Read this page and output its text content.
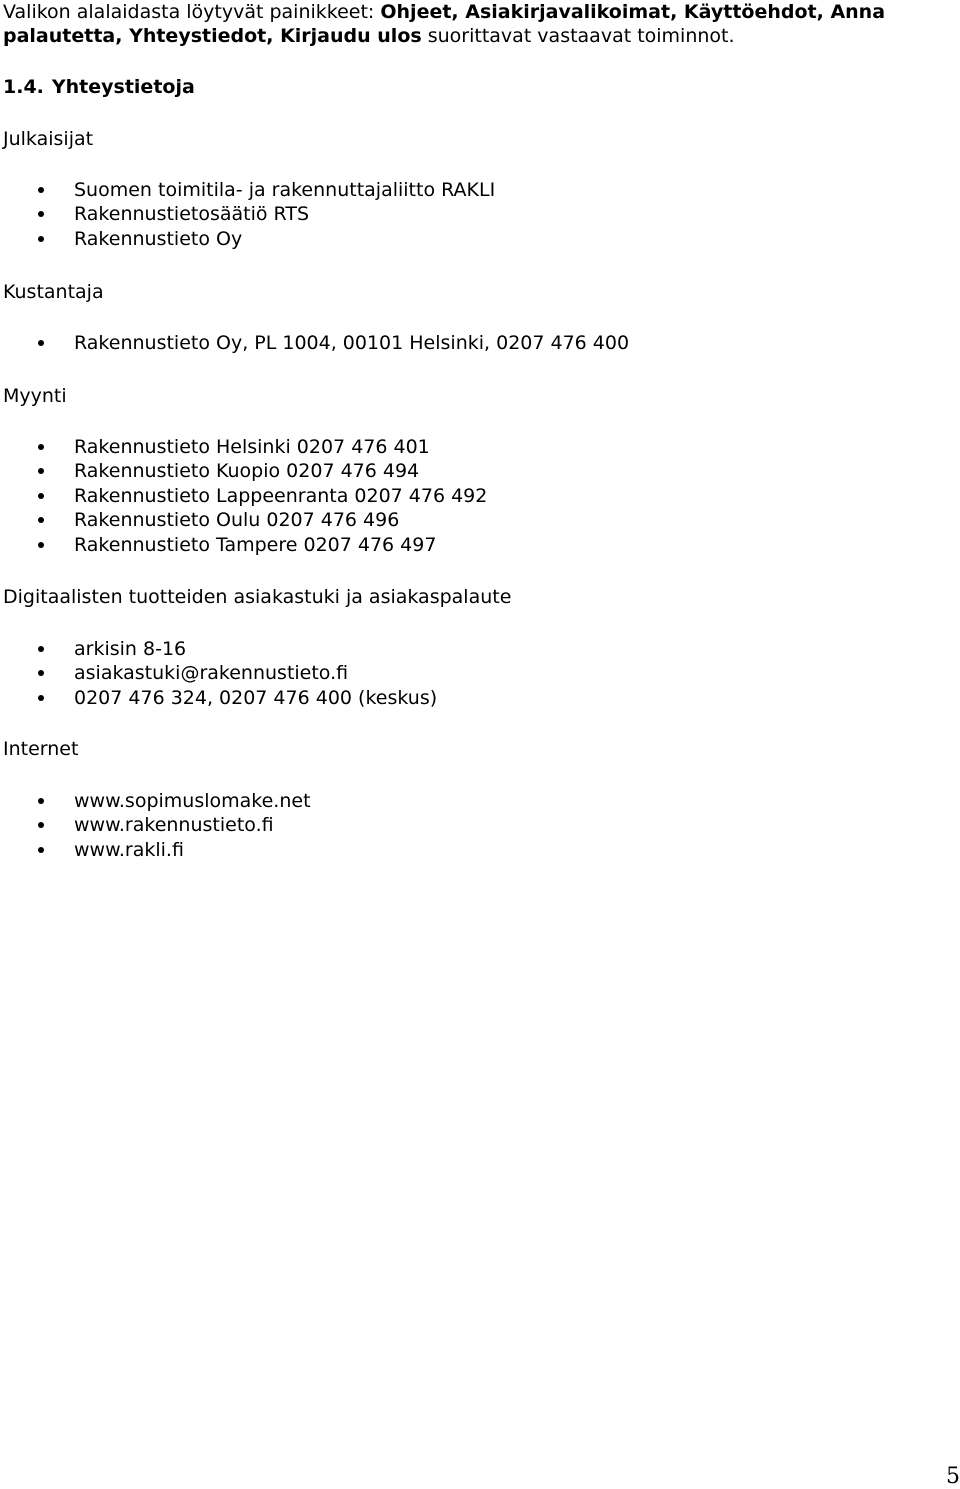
Valikon alalaidasta löytyvät painikkeet: Ohjeet, Asiakirjavalikoimat, Käyttöehdot, Anna palautetta, Yhteystiedot, Kirjaudu ulos suorittavat vastaavat toiminnot.

1.4. Yhteystietoja

Julkaisijat

Suomen toimitila- ja rakennuttajaliitto RAKLI
Rakennustietosäätiö RTS
Rakennustieto Oy

Kustantaja

Rakennustieto Oy, PL 1004, 00101 Helsinki, 0207 476 400

Myynti

Rakennustieto Helsinki 0207 476 401
Rakennustieto Kuopio 0207 476 494
Rakennustieto Lappeenranta 0207 476 492
Rakennustieto Oulu 0207 476 496
Rakennustieto Tampere 0207 476 497

Digitaalisten tuotteiden asiakastuki ja asiakaspalaute

arkisin 8-16
asiakastuki@rakennustieto.fi
0207 476 324, 0207 476 400 (keskus)

Internet

www.sopimuslomake.net
www.rakennustieto.fi
www.rakli.fi
5
